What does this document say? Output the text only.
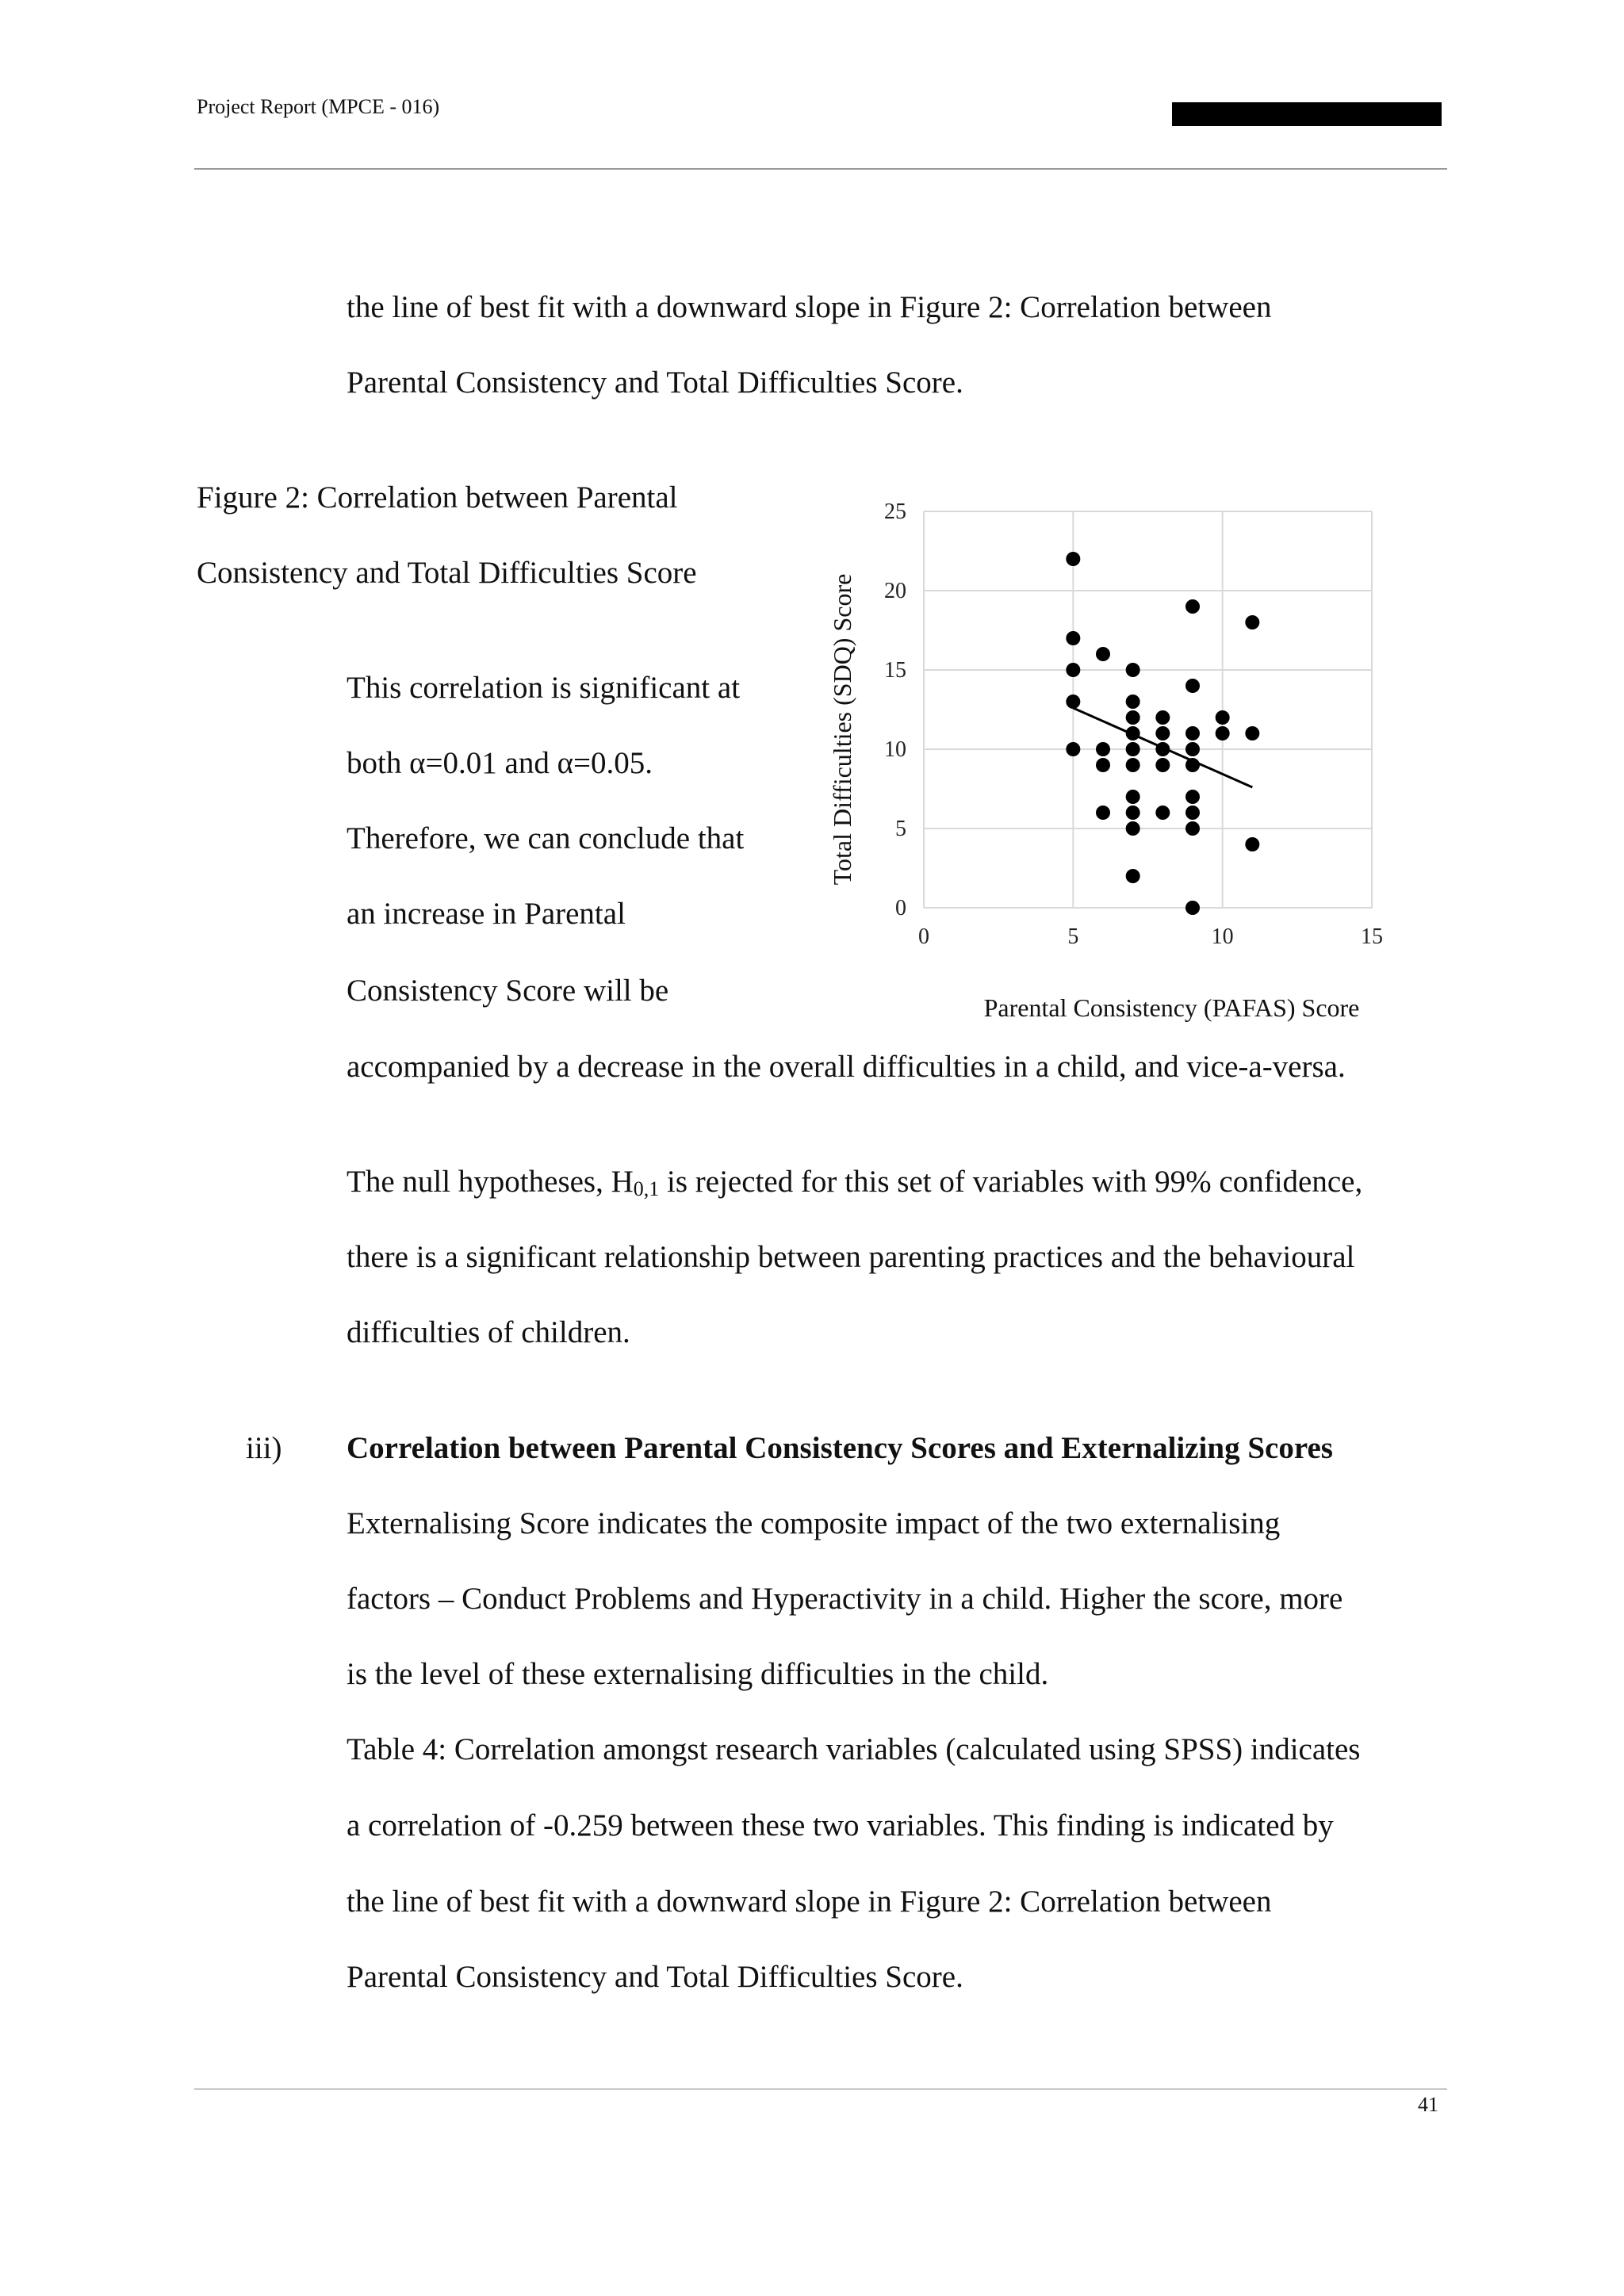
Project Report (MPCE - 016)
the line of best fit with a downward slope in Figure 2: Correlation between
Parental Consistency and Total Difficulties Score.
Figure 2: Correlation between Parental
Consistency and Total Difficulties Score
This correlation is significant at
both α=0.01 and α=0.05.
Therefore, we can conclude that
an increase in Parental
Consistency Score will be
accompanied by a decrease in the overall difficulties in a child, and vice-a-versa.
The null hypotheses, H0,1 is rejected for this set of variables with 99% confidence,
there is a significant relationship between parenting practices and the behavioural
difficulties of children.
iii) Correlation between Parental Consistency Scores and Externalizing Scores
Externalising Score indicates the composite impact of the two externalising
factors – Conduct Problems and Hyperactivity in a child. Higher the score, more
is the level of these externalising difficulties in the child.
Table 4: Correlation amongst research variables (calculated using SPSS) indicates
a correlation of -0.259 between these two variables. This finding is indicated by
the line of best fit with a downward slope in Figure 2: Correlation between
Parental Consistency and Total Difficulties Score.
41
0
5
10
15
20
25
0	5	10	15
Parental Consistency (PAFAS) Score
Total Difficulties (SDQ) Score
